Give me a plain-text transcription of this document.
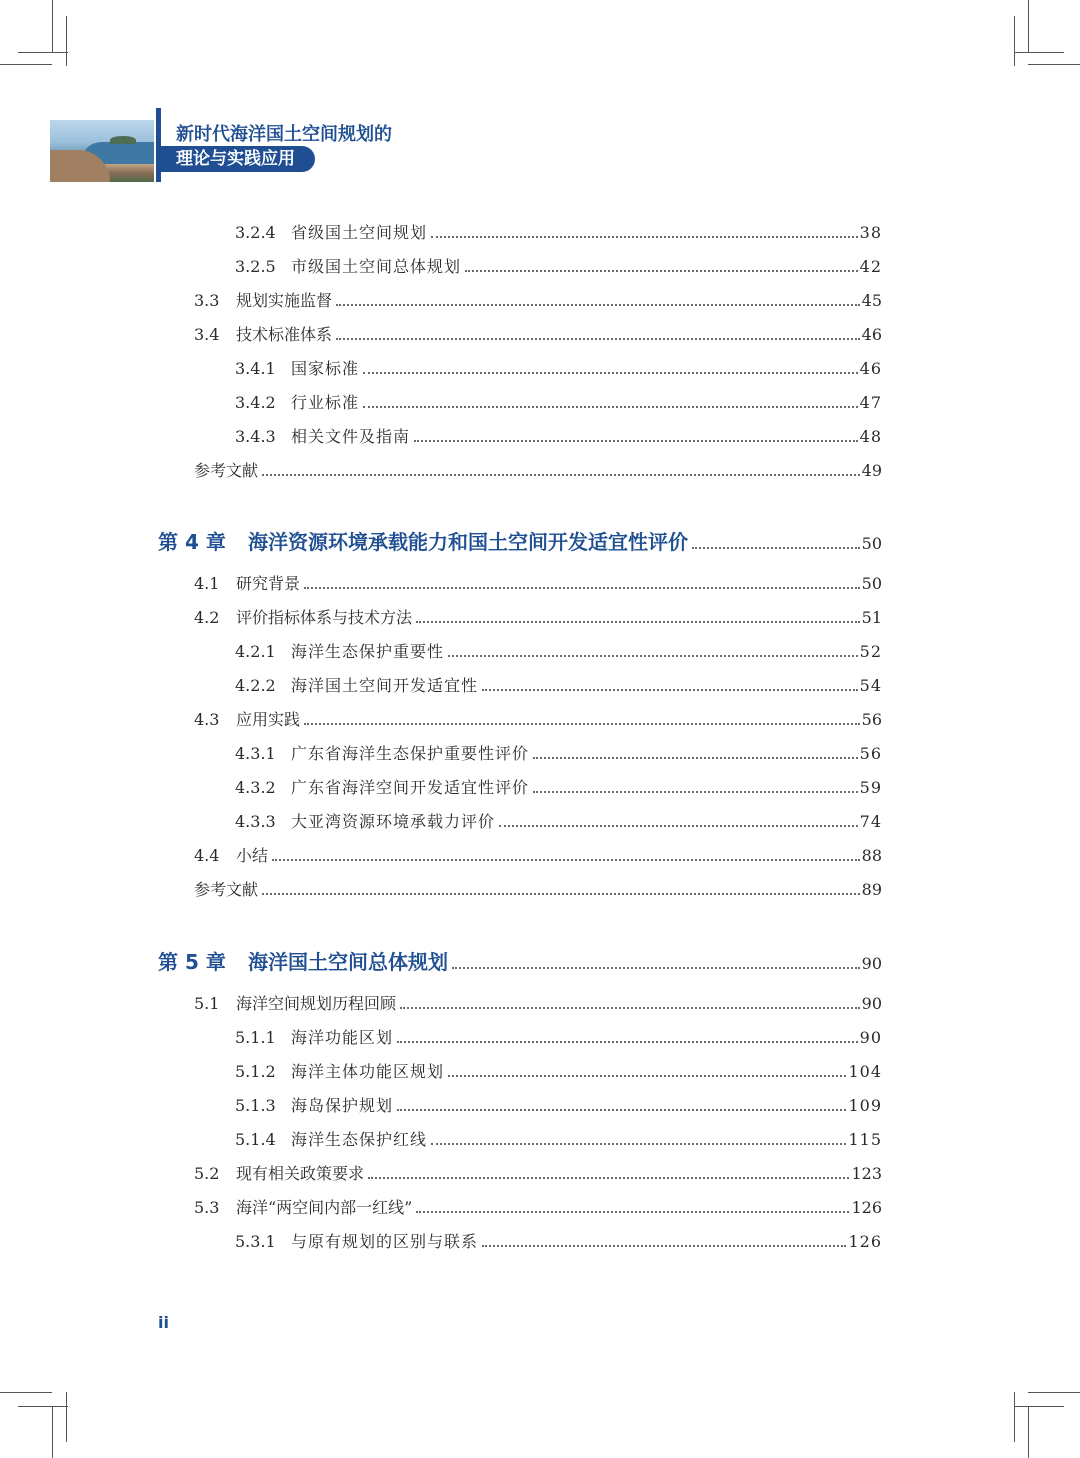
新时代海洋国土空间规划的
理论与实践应用
3.2.4 省级国土空间规划	38
3.2.5 市级国土空间总体规划	42
3.3	规划实施监督	45
3.4	技术标准体系	46
3.4.1 国家标准	46
3.4.2 行业标准	47
3.4.3 相关文件及指南	48
参考文献	49
第 4 章	海洋资源环境承载能力和国土空间开发适宜性评价	50
4.1	研究背景	50
4.2	评价指标体系与技术方法	51
4.2.1 海洋生态保护重要性	52
4.2.2 海洋国土空间开发适宜性	54
4.3	应用实践	56
4.3.1 广东省海洋生态保护重要性评价	56
4.3.2 广东省海洋空间开发适宜性评价	59
4.3.3 大亚湾资源环境承载力评价	74
4.4	小结	88
参考文献	89
第 5 章	海洋国土空间总体规划	90
5.1	海洋空间规划历程回顾	90
5.1.1 海洋功能区划	90
5.1.2 海洋主体功能区规划	104
5.1.3 海岛保护规划	109
5.1.4 海洋生态保护红线	115
5.2	现有相关政策要求	123
5.3	海洋“两空间内部一红线”	126
5.3.1 与原有规划的区别与联系	126
ii
